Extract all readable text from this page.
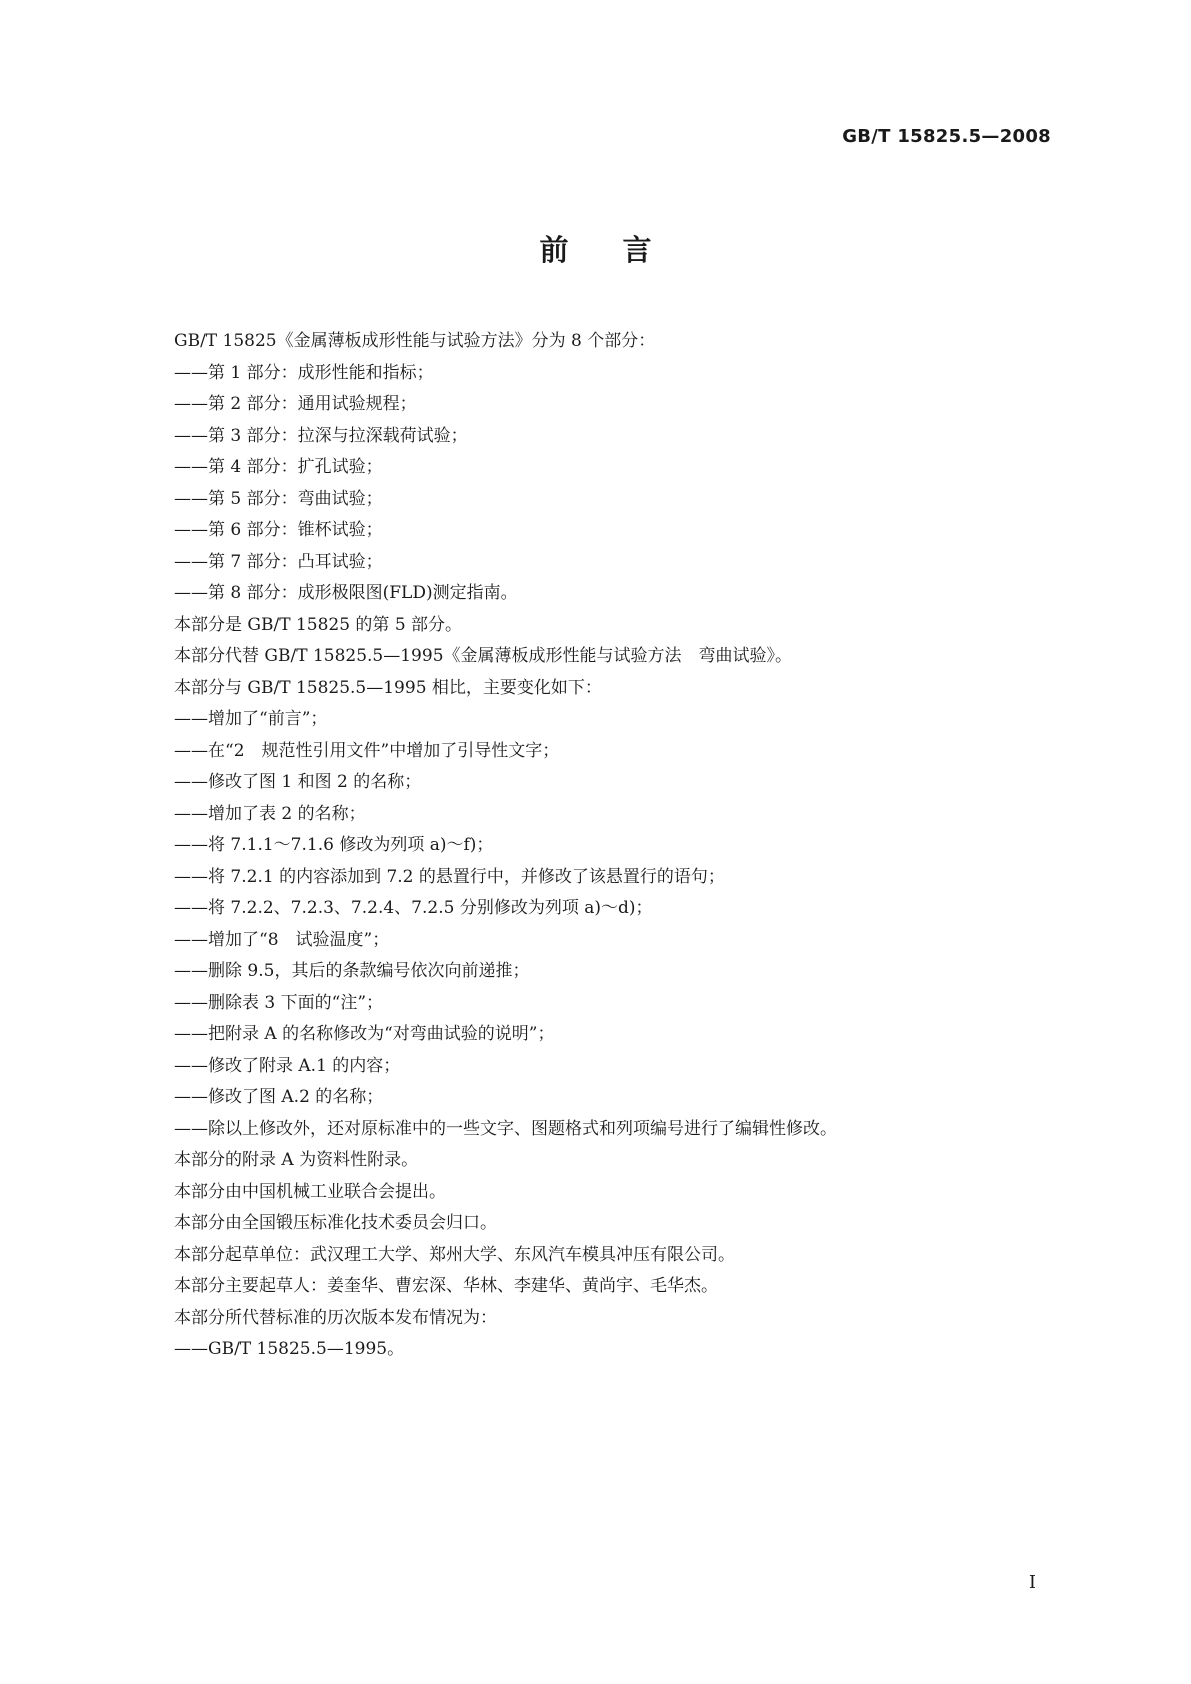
GB/T 15825.5—2008

前言
GB/T 15825《金属薄板成形性能与试验方法》分为 8 个部分：
——第 1 部分：成形性能和指标；
——第 2 部分：通用试验规程；
——第 3 部分：拉深与拉深载荷试验；
——第 4 部分：扩孔试验；
——第 5 部分：弯曲试验；
——第 6 部分：锥杯试验；
——第 7 部分：凸耳试验；
——第 8 部分：成形极限图(FLD)测定指南。
本部分是 GB/T 15825 的第 5 部分。
本部分代替 GB/T 15825.5—1995《金属薄板成形性能与试验方法　弯曲试验》。
本部分与 GB/T 15825.5—1995 相比，主要变化如下：
——增加了“前言”；
——在“2　规范性引用文件”中增加了引导性文字；
——修改了图 1 和图 2 的名称；
——增加了表 2 的名称；
——将 7.1.1～7.1.6 修改为列项 a)～f)；
——将 7.2.1 的内容添加到 7.2 的悬置行中，并修改了该悬置行的语句；
——将 7.2.2、7.2.3、7.2.4、7.2.5 分别修改为列项 a)～d)；
——增加了“8　试验温度”；
——删除 9.5，其后的条款编号依次向前递推；
——删除表 3 下面的“注”；
——把附录 A 的名称修改为“对弯曲试验的说明”；
——修改了附录 A.1 的内容；
——修改了图 A.2 的名称；
——除以上修改外，还对原标准中的一些文字、图题格式和列项编号进行了编辑性修改。
本部分的附录 A 为资料性附录。
本部分由中国机械工业联合会提出。
本部分由全国锻压标准化技术委员会归口。
本部分起草单位：武汉理工大学、郑州大学、东风汽车模具冲压有限公司。
本部分主要起草人：姜奎华、曹宏深、华林、李建华、黄尚宇、毛华杰。
本部分所代替标准的历次版本发布情况为：
——GB/T 15825.5—1995。

I
